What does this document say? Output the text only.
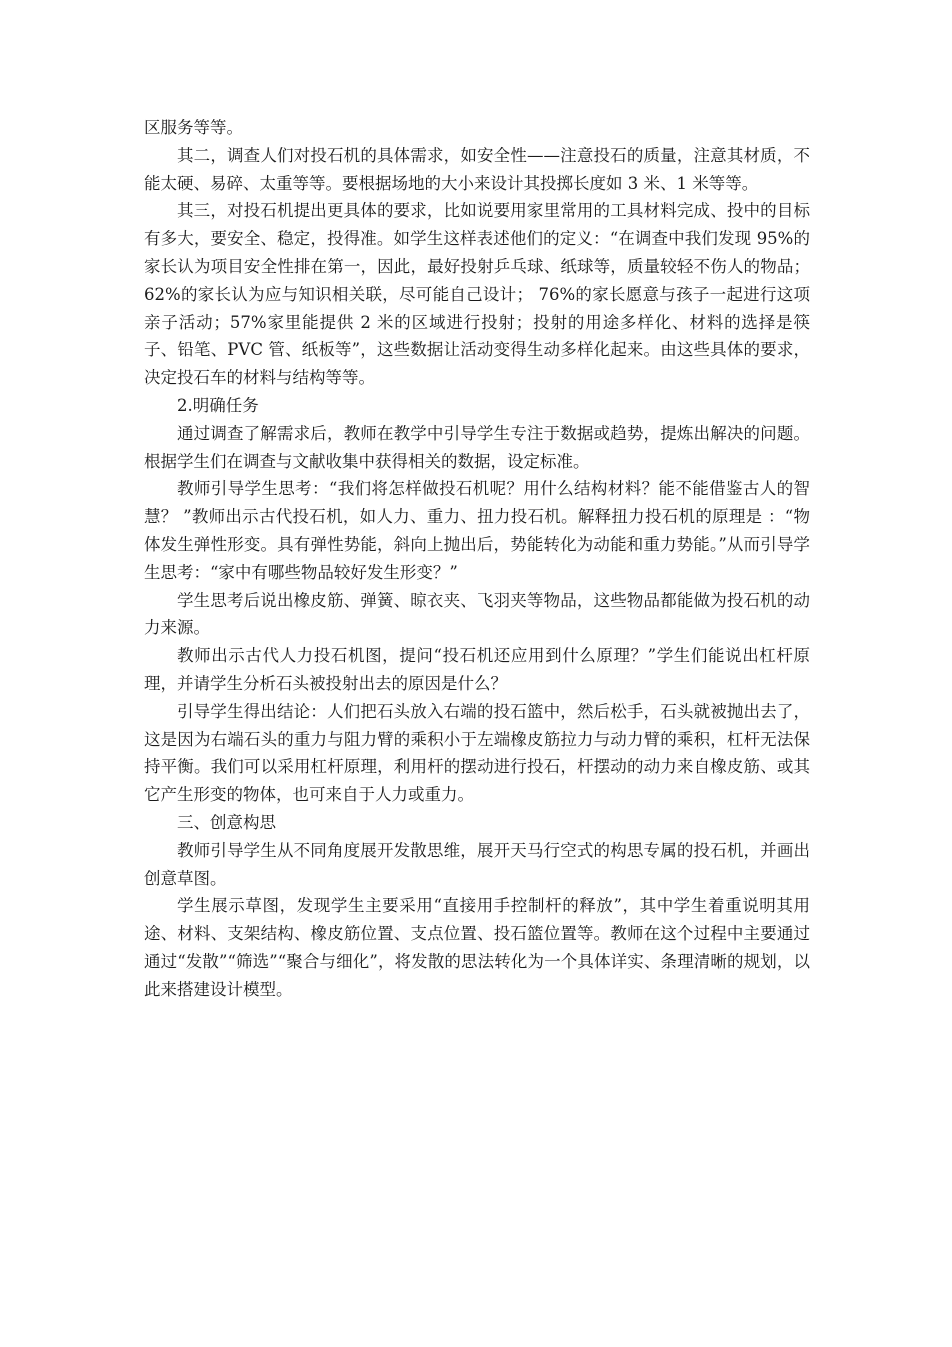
区服务等等。

其二，调查人们对投石机的具体需求，如安全性——注意投石的质量，注意其材质，不能太硬、易碎、太重等等。要根据场地的大小来设计其投掷长度如 3 米、1 米等等。

其三，对投石机提出更具体的要求，比如说要用家里常用的工具材料完成、投中的目标有多大，要安全、稳定，投得准。如学生这样表述他们的定义：“在调查中我们发现 95%的家长认为项目安全性排在第一，因此，最好投射乒乓球、纸球等，质量较轻不伤人的物品；62%的家长认为应与知识相关联，尽可能自己设计； 76%的家长愿意与孩子一起进行这项亲子活动；57%家里能提供 2 米的区域进行投射；投射的用途多样化、材料的选择是筷子、铅笔、PVC 管、纸板等”，这些数据让活动变得生动多样化起来。由这些具体的要求，决定投石车的材料与结构等等。

2.明确任务

通过调查了解需求后，教师在教学中引导学生专注于数据或趋势，提炼出解决的问题。根据学生们在调查与文献收集中获得相关的数据，设定标准。

教师引导学生思考：“我们将怎样做投石机呢？用什么结构材料？能不能借鉴古人的智慧？ ”教师出示古代投石机，如人力、重力、扭力投石机。解释扭力投石机的原理是 ：“物体发生弹性形变。具有弹性势能，斜向上抛出后，势能转化为动能和重力势能。”从而引导学生思考：“家中有哪些物品较好发生形变？”

学生思考后说出橡皮筋、弹簧、晾衣夹、飞羽夹等物品，这些物品都能做为投石机的动力来源。

教师出示古代人力投石机图，提问“投石机还应用到什么原理？”学生们能说出杠杆原理，并请学生分析石头被投射出去的原因是什么？

引导学生得出结论：人们把石头放入右端的投石篮中，然后松手，石头就被抛出去了，这是因为右端石头的重力与阻力臂的乘积小于左端橡皮筋拉力与动力臂的乘积，杠杆无法保持平衡。我们可以采用杠杆原理，利用杆的摆动进行投石，杆摆动的动力来自橡皮筋、或其它产生形变的物体，也可来自于人力或重力。

三、创意构思

教师引导学生从不同角度展开发散思维，展开天马行空式的构思专属的投石机，并画出创意草图。

学生展示草图，发现学生主要采用“直接用手控制杆的释放”，其中学生着重说明其用途、材料、支架结构、橡皮筋位置、支点位置、投石篮位置等。教师在这个过程中主要通过通过“发散”“筛选”“聚合与细化”，将发散的思法转化为一个具体详实、条理清晰的规划，以此来搭建设计模型。
